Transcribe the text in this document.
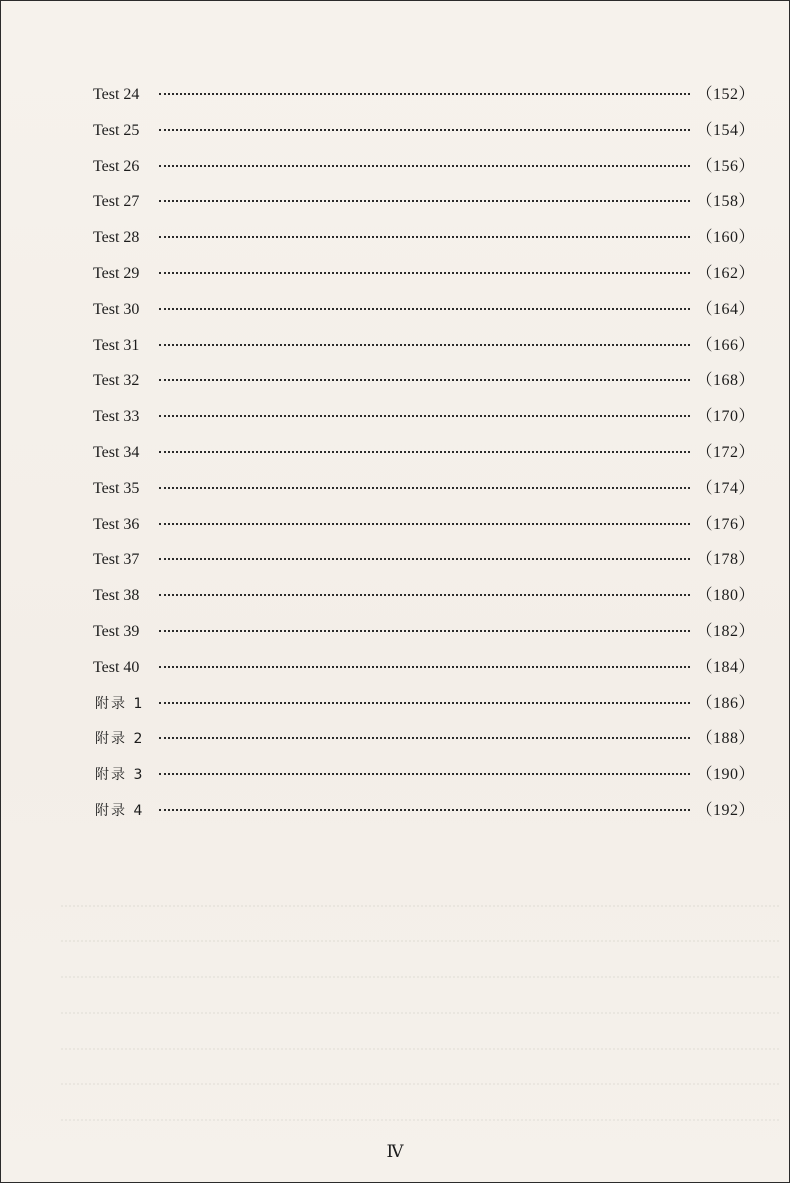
Test 24	（152）
Test 25	（154）
Test 26	（156）
Test 27	（158）
Test 28	（160）
Test 29	（162）
Test 30	（164）
Test 31	（166）
Test 32	（168）
Test 33	（170）
Test 34	（172）
Test 35	（174）
Test 36	（176）
Test 37	（178）
Test 38	（180）
Test 39	（182）
Test 40	（184）
附录 1	（186）
附录 2	（188）
附录 3	（190）
附录 4	（192）
Ⅳ
